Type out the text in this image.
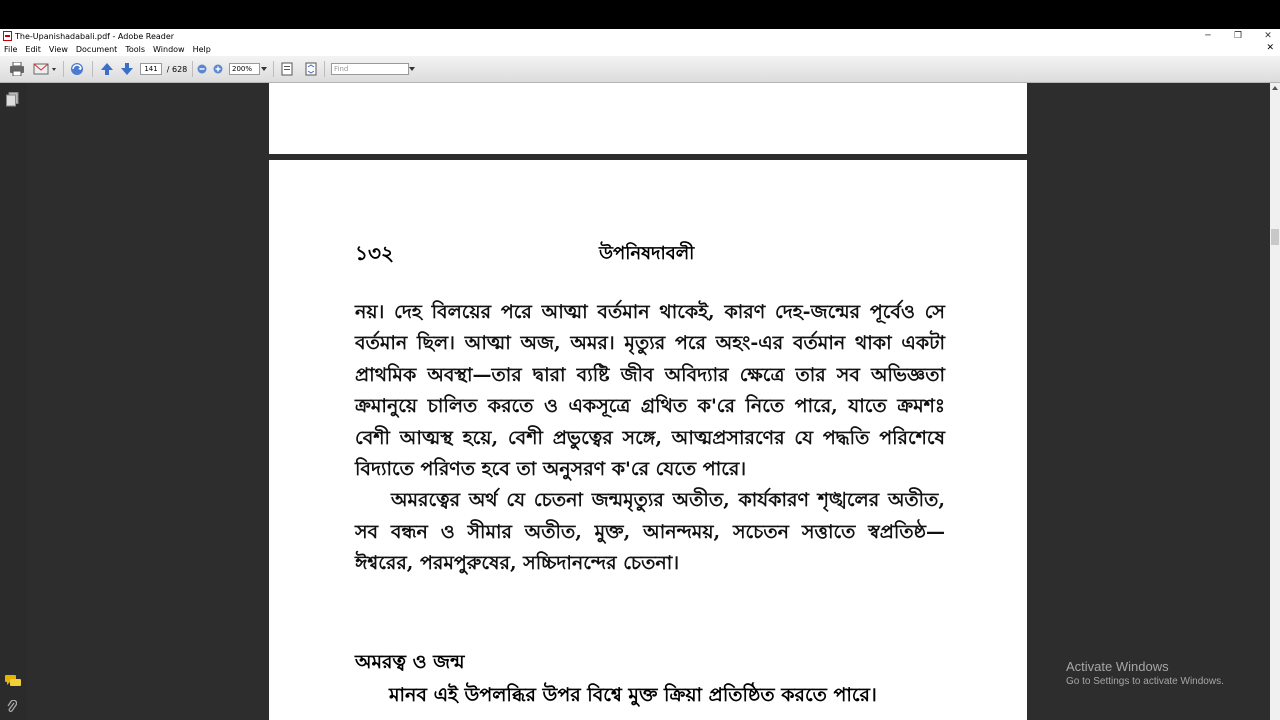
The-Upanishadabali.pdf - Adobe Reader	─	❐ ✕
File	Edit	View	Document	Tools	Window	Help	✕
141	/ 628	200%	Find
১৩২	উপনিষদাবলী

নয়। দেহ বিলয়ের পরে আত্মা বর্তমান থাকেই, কারণ দেহ-জন্মের পূর্বেও সে বর্তমান ছিল। আত্মা অজ, অমর। মৃত্যুর পরে অহং-এর বর্তমান থাকা একটা প্রাথমিক অবস্থা—তার দ্বারা ব্যষ্টি জীব অবিদ্যার ক্ষেত্রে তার সব অভিজ্ঞতা ক্রমানুয়ে চালিত করতে ও একসূত্রে গ্রথিত ক'রে নিতে পারে, যাতে ক্রমশঃ বেশী আত্মস্থ হয়ে, বেশী প্রভুত্বের সঙ্গে, আত্মপ্রসারণের যে পদ্ধতি পরিশেষে বিদ্যাতে পরিণত হবে তা অনুসরণ ক'রে যেতে পারে।

অমরত্বের অর্থ যে চেতনা জন্মমৃত্যুর অতীত, কার্যকারণ শৃঙ্খলের অতীত, সব বন্ধন ও সীমার অতীত, মুক্ত, আনন্দময়, সচেতন সত্তাতে স্বপ্রতিষ্ঠ—ঈশ্বরের, পরমপুরুষের, সচ্চিদানন্দের চেতনা।

অমরত্ব ও জন্ম
মানব এই উপলব্ধির উপর বিশ্বে মুক্ত ক্রিয়া প্রতিষ্ঠিত করতে পারে।
Activate Windows
Go to Settings to activate Windows.
